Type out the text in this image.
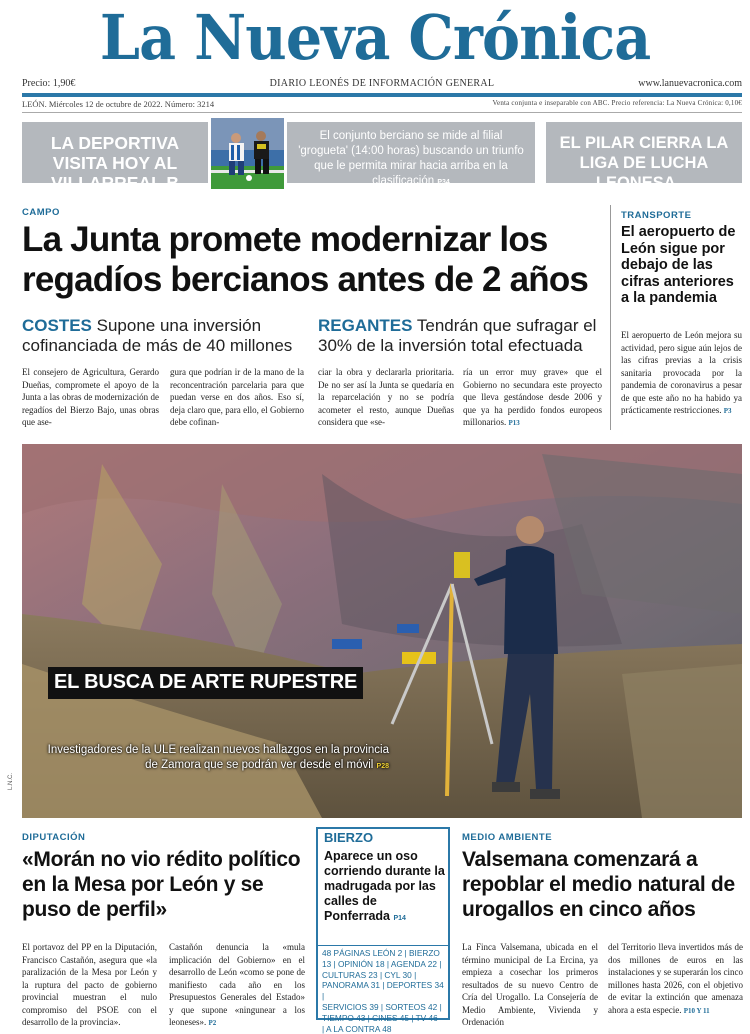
La Nueva Crónica
Precio: 1,90€	DIARIO LEONÉS DE INFORMACIÓN GENERAL	www.lanuevacronica.com
LEÓN. Miércoles 12 de octubre de 2022. Número: 3214	Venta conjunta e inseparable con ABC. Precio referencia: La Nueva Crónica: 0,10€
LA DEPORTIVA VISITA HOY AL VILLARREAL B
El conjunto berciano se mide al filial 'grogueta' (14:00 horas) buscando un triunfo que le permita mirar hacia arriba en la clasificación P34
EL PILAR CIERRA LA LIGA DE LUCHA LEONESA P36
CAMPO
La Junta promete modernizar los regadíos bercianos antes de 2 años
COSTES Supone una inversión cofinanciada de más de 40 millones
REGANTES Tendrán que sufragar el 30% de la inversión total efectuada
El consejero de Agricultura, Gerardo Dueñas, compromete el apoyo de la Junta a las obras de modernización de regadíos del Bierzo Bajo, unas obras que ase-
gura que podrían ir de la mano de la reconcentración parcelaria para que puedan verse en dos años. Eso sí, deja claro que, para ello, el Gobierno debe cofinan-
ciar la obra y declararla prioritaria. De no ser así la Junta se quedaría en la reparcelación y no se podría acometer el resto, aunque Dueñas considera que «se-
ría un error muy grave» que el Gobierno no secundara este proyecto que lleva gestándose desde 2006 y que ya ha perdido fondos europeos millonarios. P13
TRANSPORTE
El aeropuerto de León sigue por debajo de las cifras anteriores a la pandemia
El aeropuerto de León mejora su actividad, pero sigue aún lejos de las cifras previas a la crisis sanitaria provocada por la pandemia de coronavirus a pesar de que este año no ha habido ya prácticamente restricciones. P3
EL BUSCA DE ARTE RUPESTRE
Investigadores de la ULE realizan nuevos hallazgos en la provincia de Zamora que se podrán ver desde el móvil P28
L.N.C.
DIPUTACIÓN
«Morán no vio rédito político en la Mesa por León y se puso de perfil»
El portavoz del PP en la Diputación, Francisco Castañón, asegura que «la paralización de la Mesa por León y la ruptura del pacto de gobierno provincial muestran el nulo compromiso del PSOE con el desarrollo de la provincia».
Castañón denuncia la «mula implicación del Gobierno» en el desarrollo de León «como se pone de manifiesto cada año en los Presupuestos Generales del Estado» y que supone «ningunear a los leoneses». P2
BIERZO
Aparece un oso corriendo durante la madrugada por las calles de Ponferrada P14
48 PÁGINAS LEÓN 2 | BIERZO
13 | OPINIÓN 18 | AGENDA 22 |
CULTURAS 23 | CYL 30 |
PANORAMA 31 | DEPORTES 34 |
SERVICIOS 39 | SORTEOS 42 |
TIEMPO 43 | CINES 45 | TV 46
| A LA CONTRA 48
MEDIO AMBIENTE
Valsemana comenzará a repoblar el medio natural de urogallos en cinco años
La Finca Valsemana, ubicada en el término municipal de La Ercina, ya empieza a cosechar los primeros resultados de su nuevo Centro de Cría del Urogallo. La Consejería de Medio Ambiente, Vivienda y Ordenación
del Territorio lleva invertidos más de dos millones de euros en las instalaciones y se superarán los cinco millones hasta 2026, con el objetivo de evitar la extinción que amenaza ahora a esta especie. P10 Y 11
